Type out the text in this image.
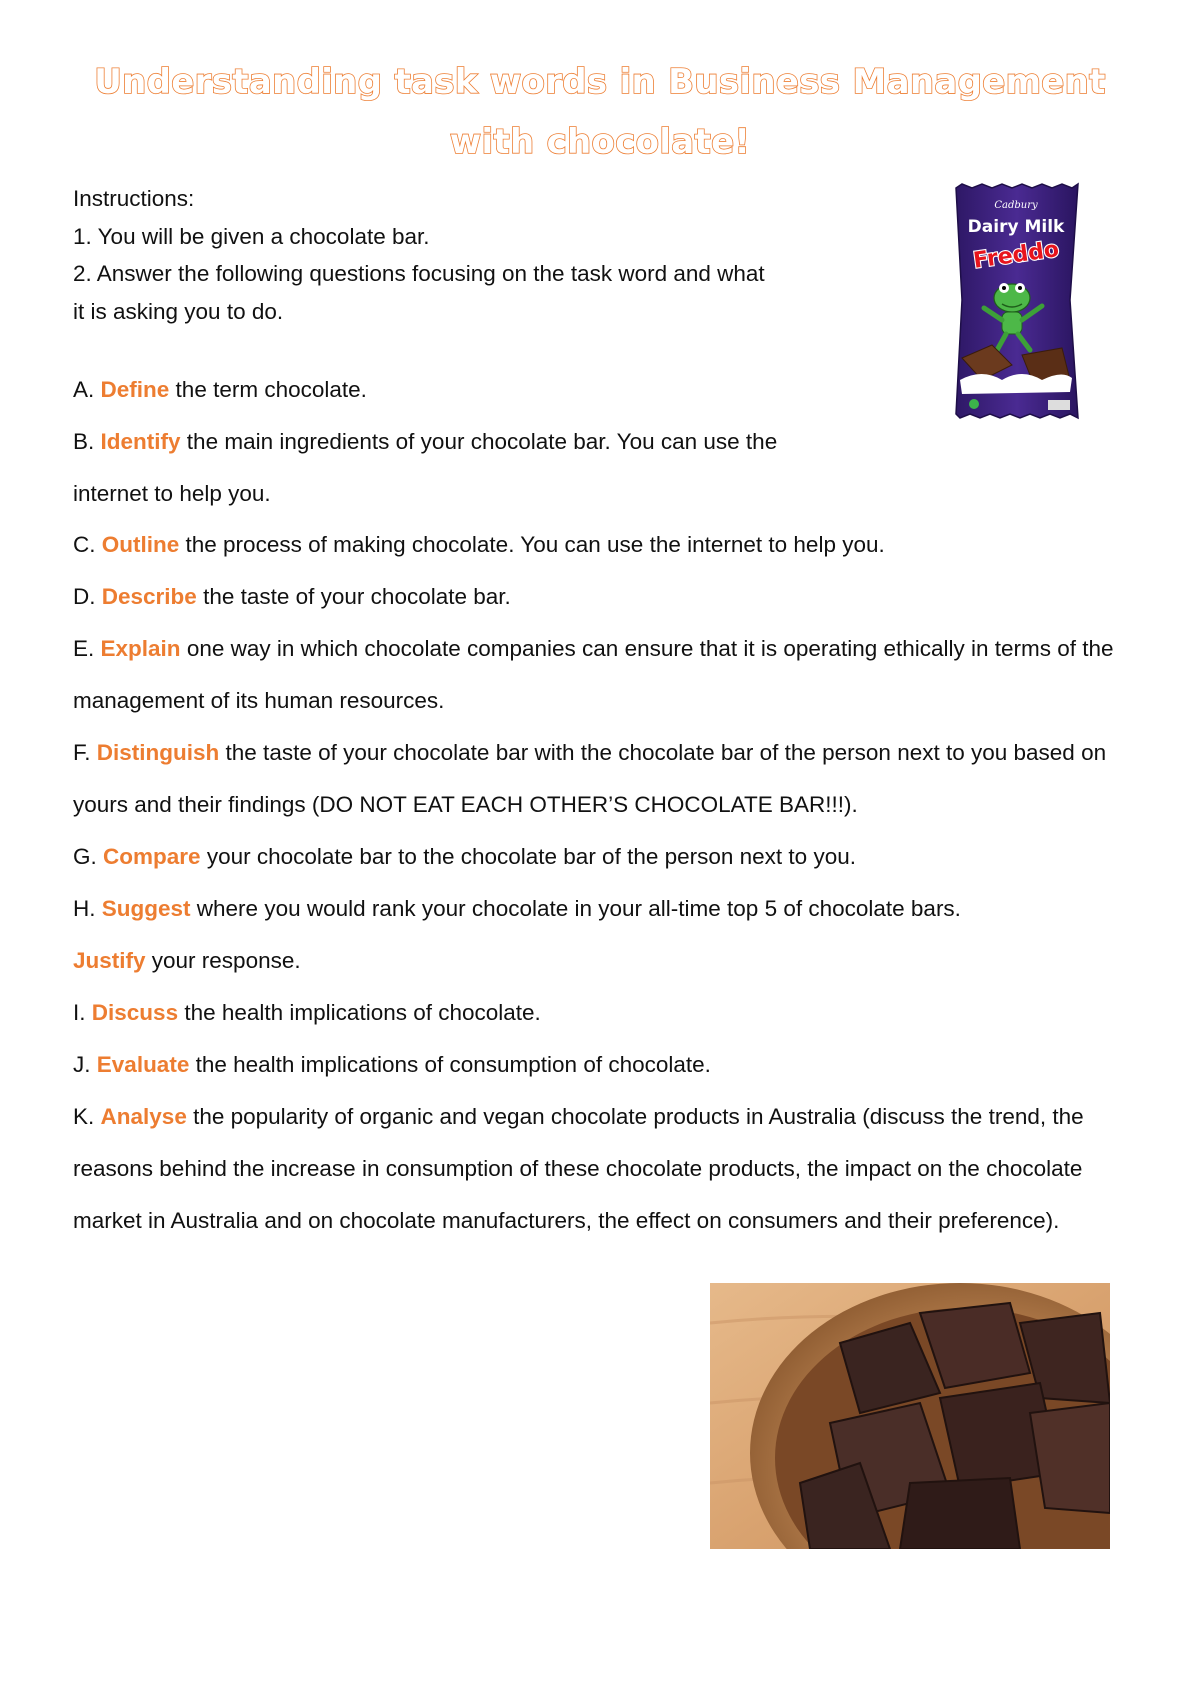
Understanding task words in Business Management with chocolate!
Instructions:
1. You will be given a chocolate bar.
2. Answer the following questions focusing on the task word and what
it is asking you to do.
Cadbury
Dairy Milk
Freddo
A. Define the term chocolate.
B. Identify the main ingredients of your chocolate bar. You can use the internet to help you.
C. Outline the process of making chocolate. You can use the internet to help you.
D. Describe the taste of your chocolate bar.
E. Explain one way in which chocolate companies can ensure that it is operating ethically in terms of the management of its human resources.
F. Distinguish the taste of your chocolate bar with the chocolate bar of the person next to you based on yours and their findings (DO NOT EAT EACH OTHER’S CHOCOLATE BAR!!!).
G. Compare your chocolate bar to the chocolate bar of the person next to you.
H. Suggest where you would rank your chocolate in your all-time top 5 of chocolate bars.
Justify your response.
I. Discuss the health implications of chocolate.
J. Evaluate the health implications of consumption of chocolate.
K. Analyse the popularity of organic and vegan chocolate products in Australia (discuss the trend, the reasons behind the increase in consumption of these chocolate products, the impact on the chocolate market in Australia and on chocolate manufacturers, the effect on consumers and their preference).
